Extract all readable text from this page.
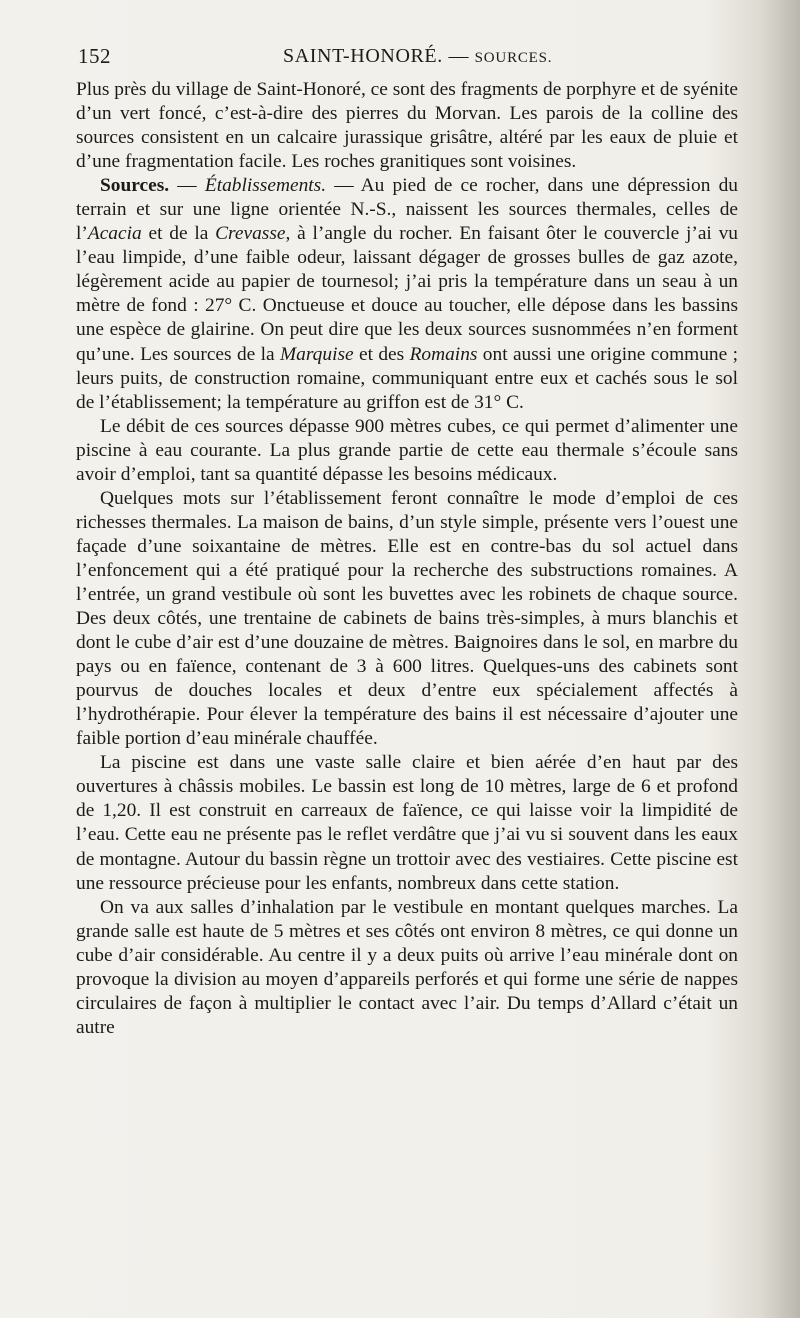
152	SAINT-HONORÉ. — SOURCES.

Plus près du village de Saint-Honoré, ce sont des fragments de porphyre et de syénite d’un vert foncé, c’est-à-dire des pierres du Morvan. Les parois de la colline des sources consistent en un calcaire jurassique grisâtre, altéré par les eaux de pluie et d’une fragmentation facile. Les roches granitiques sont voisines.

Sources. — Établissements. — Au pied de ce rocher, dans une dépression du terrain et sur une ligne orientée N.-S., naissent les sources thermales, celles de l’Acacia et de la Crevasse, à l’angle du rocher. En faisant ôter le couvercle j’ai vu l’eau limpide, d’une faible odeur, laissant dégager de grosses bulles de gaz azote, légèrement acide au papier de tournesol; j’ai pris la température dans un seau à un mètre de fond : 27° C. Onctueuse et douce au toucher, elle dépose dans les bassins une espèce de glairine. On peut dire que les deux sources susnommées n’en forment qu’une. Les sources de la Marquise et des Romains ont aussi une origine commune ; leurs puits, de construction romaine, communiquant entre eux et cachés sous le sol de l’établissement; la température au griffon est de 31° C.

Le débit de ces sources dépasse 900 mètres cubes, ce qui permet d’alimenter une piscine à eau courante. La plus grande partie de cette eau thermale s’écoule sans avoir d’emploi, tant sa quantité dépasse les besoins médicaux.

Quelques mots sur l’établissement feront connaître le mode d’emploi de ces richesses thermales. La maison de bains, d’un style simple, présente vers l’ouest une façade d’une soixantaine de mètres. Elle est en contre-bas du sol actuel dans l’enfoncement qui a été pratiqué pour la recherche des substructions romaines. A l’entrée, un grand vestibule où sont les buvettes avec les robinets de chaque source. Des deux côtés, une trentaine de cabinets de bains très-simples, à murs blanchis et dont le cube d’air est d’une douzaine de mètres. Baignoires dans le sol, en marbre du pays ou en faïence, contenant de 3 à 600 litres. Quelques-uns des cabinets sont pourvus de douches locales et deux d’entre eux spécialement affectés à l’hydrothérapie. Pour élever la température des bains il est nécessaire d’ajouter une faible portion d’eau minérale chauffée.

La piscine est dans une vaste salle claire et bien aérée d’en haut par des ouvertures à châssis mobiles. Le bassin est long de 10 mètres, large de 6 et profond de 1,20. Il est construit en carreaux de faïence, ce qui laisse voir la limpidité de l’eau. Cette eau ne présente pas le reflet verdâtre que j’ai vu si souvent dans les eaux de montagne. Autour du bassin règne un trottoir avec des vestiaires. Cette piscine est une ressource précieuse pour les enfants, nombreux dans cette station.

On va aux salles d’inhalation par le vestibule en montant quelques marches. La grande salle est haute de 5 mètres et ses côtés ont environ 8 mètres, ce qui donne un cube d’air considérable. Au centre il y a deux puits où arrive l’eau minérale dont on provoque la division au moyen d’appareils perforés et qui forme une série de nappes circulaires de façon à multiplier le contact avec l’air. Du temps d’Allard c’était un autre
